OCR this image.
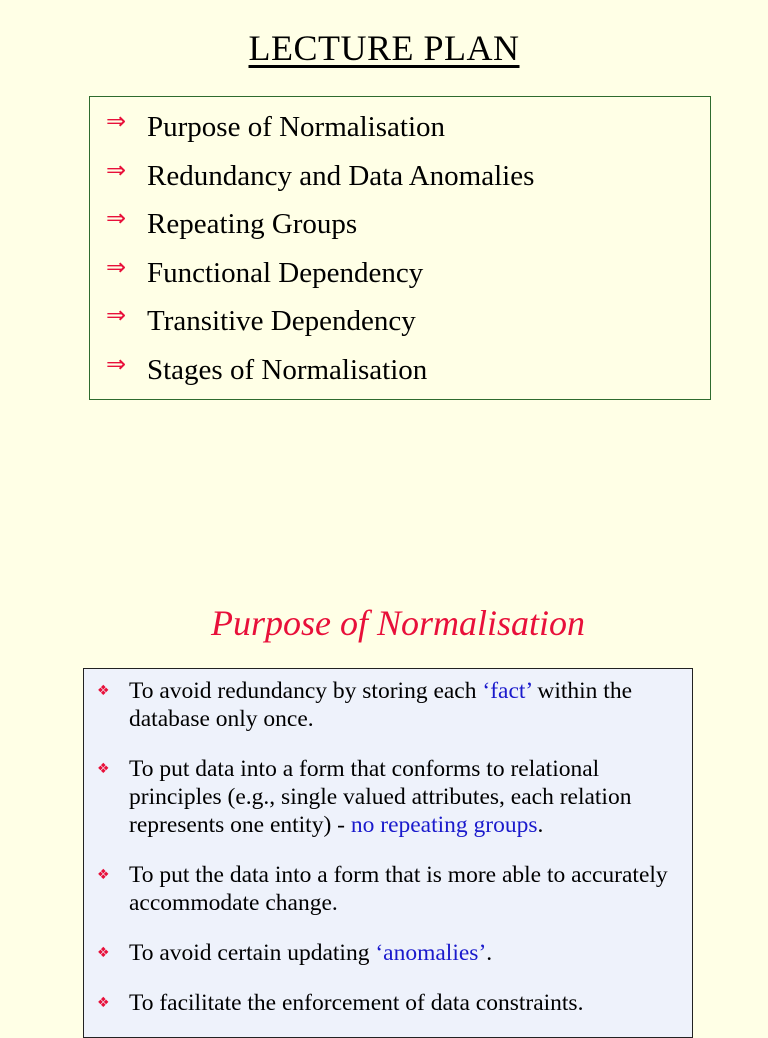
LECTURE PLAN
⇒ Purpose of Normalisation
⇒ Redundancy and Data Anomalies
⇒ Repeating Groups
⇒ Functional Dependency
⇒ Transitive Dependency
⇒ Stages of Normalisation
Purpose of Normalisation
❖ To avoid redundancy by storing each ‘fact’ within the database only once.
❖ To put data into a form that conforms to relational principles (e.g., single valued attributes, each relation represents one entity) - no repeating groups.
❖ To put the data into a form that is more able to accurately accommodate change.
❖ To avoid certain updating ‘anomalies’.
❖ To facilitate the enforcement of data constraints.
